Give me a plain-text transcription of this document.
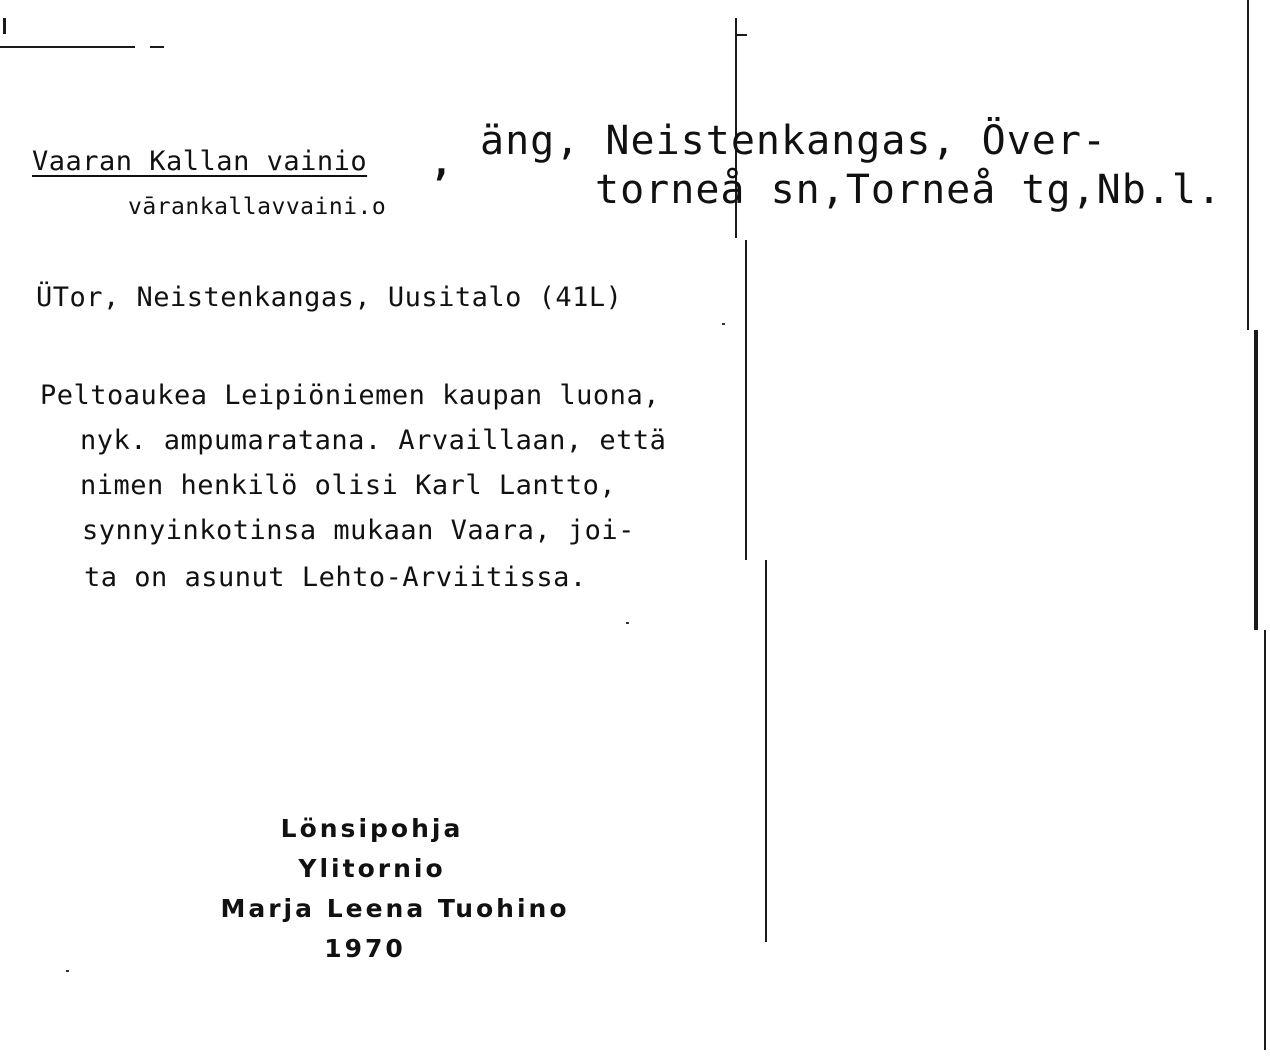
Vaaran Kallan vainio ,
vārankallavvaini.o
äng, Neistenkangas, Över-
torneå sn,Torneå tg,Nb.l.
ÜTor, Neistenkangas, Uusitalo (41L)
Peltoaukea Leipiöniemen kaupan luona,
nyk. ampumaratana. Arvaillaan, että
nimen henkilö olisi Karl Lantto,
synnyinkotinsa mukaan Vaara, joi-
ta on asunut Lehto-Arviitissa.
Lönsipohja
Ylitornio
Marja Leena Tuohino
1970
